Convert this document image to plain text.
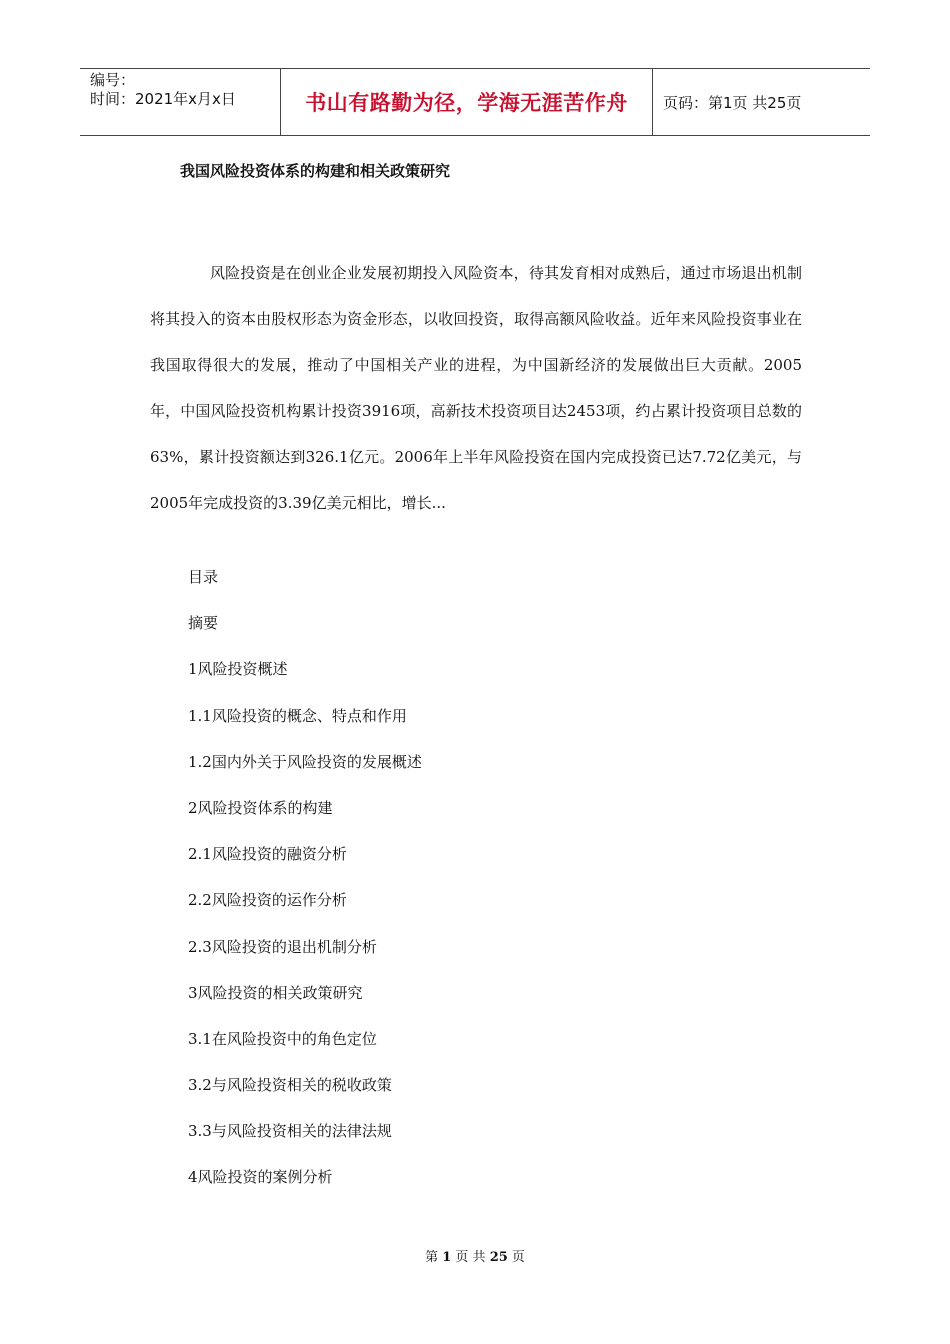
编号：
时间：2021年x月x日	书山有路勤为径，学海无涯苦作舟	页码：第1页 共25页
我国风险投资体系的构建和相关政策研究

风险投资是在创业企业发展初期投入风险资本，待其发育相对成熟后，通过市场退出机制将其投入的资本由股权形态为资金形态，以收回投资，取得高额风险收益。近年来风险投资事业在我国取得很大的发展，推动了中国相关产业的进程，为中国新经济的发展做出巨大贡献。2005年，中国风险投资机构累计投资3916项，高新技术投资项目达2453项，约占累计投资项目总数的63%，累计投资额达到326.1亿元。2006年上半年风险投资在国内完成投资已达7.72亿美元，与2005年完成投资的3.39亿美元相比，增长...

目录
摘要
1风险投资概述
1.1风险投资的概念、特点和作用
1.2国内外关于风险投资的发展概述
2风险投资体系的构建
2.1风险投资的融资分析
2.2风险投资的运作分析
2.3风险投资的退出机制分析
3风险投资的相关政策研究
3.1在风险投资中的角色定位
3.2与风险投资相关的税收政策
3.3与风险投资相关的法律法规
4风险投资的案例分析
第 1 页 共 25 页
